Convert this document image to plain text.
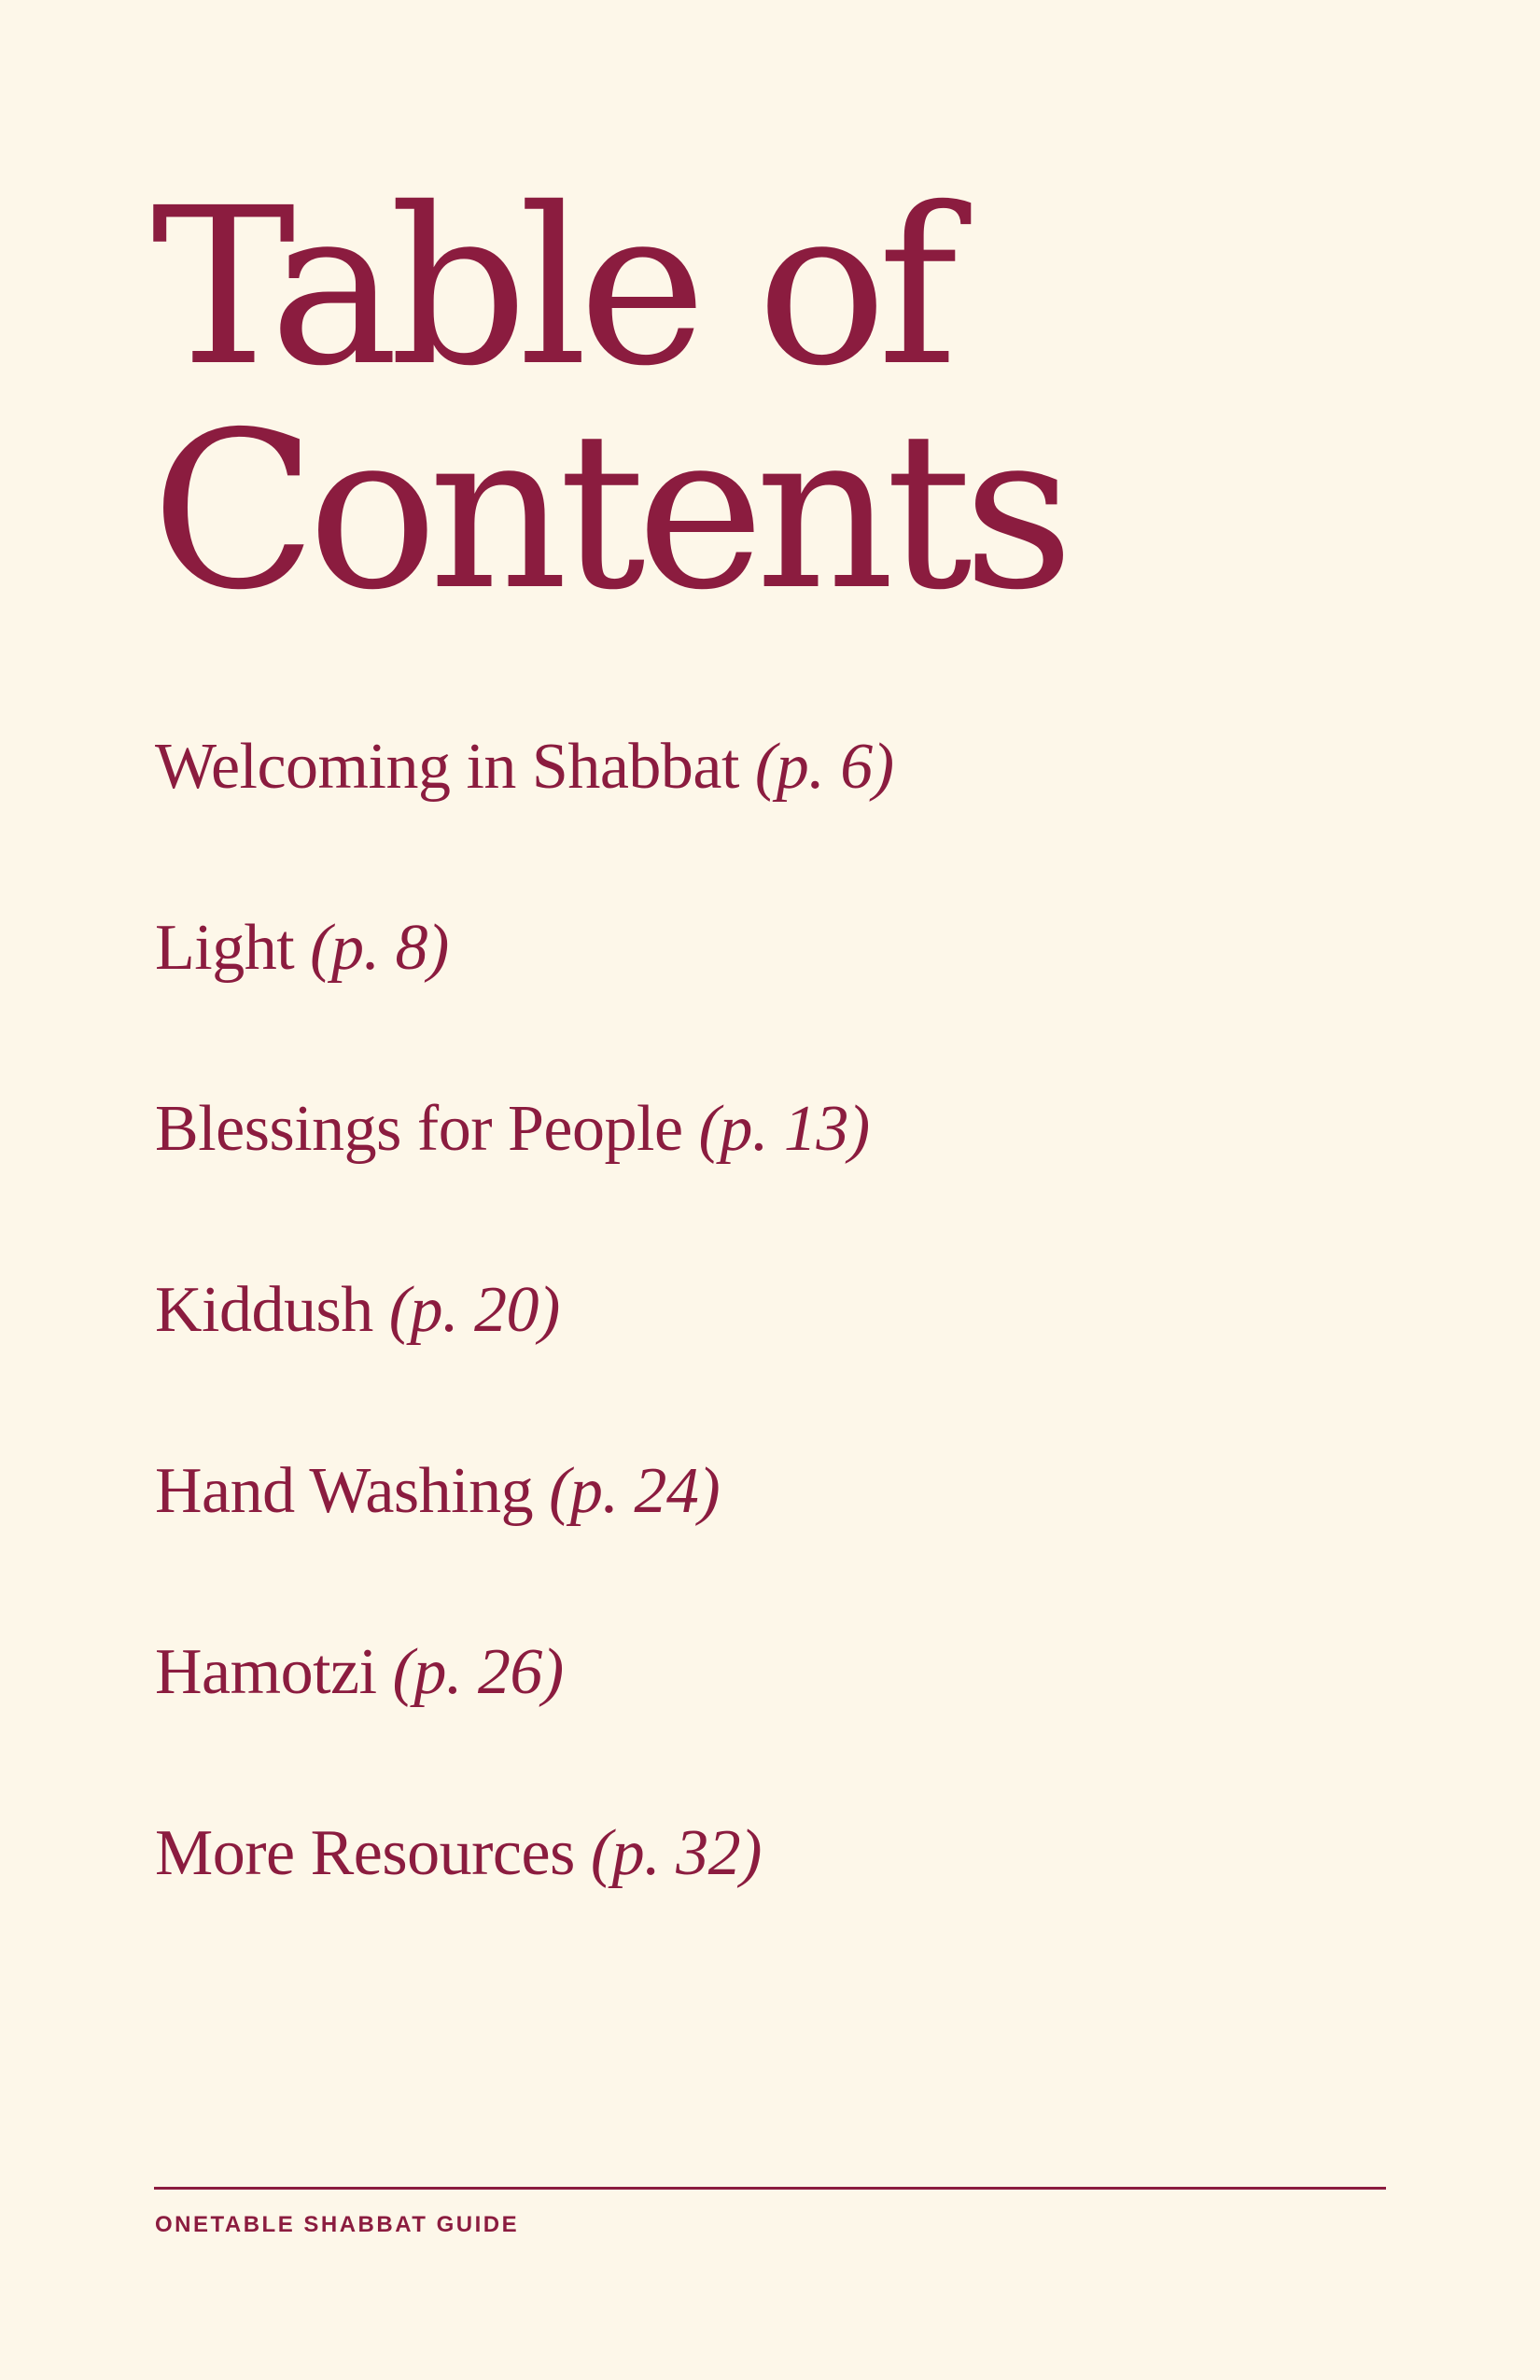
Table of
Contents
Welcoming in Shabbat (p. 6)
Light (p. 8)
Blessings for People (p. 13)
Kiddush (p. 20)
Hand Washing (p. 24)
Hamotzi (p. 26)
More Resources (p. 32)
ONETABLE SHABBAT GUIDE
